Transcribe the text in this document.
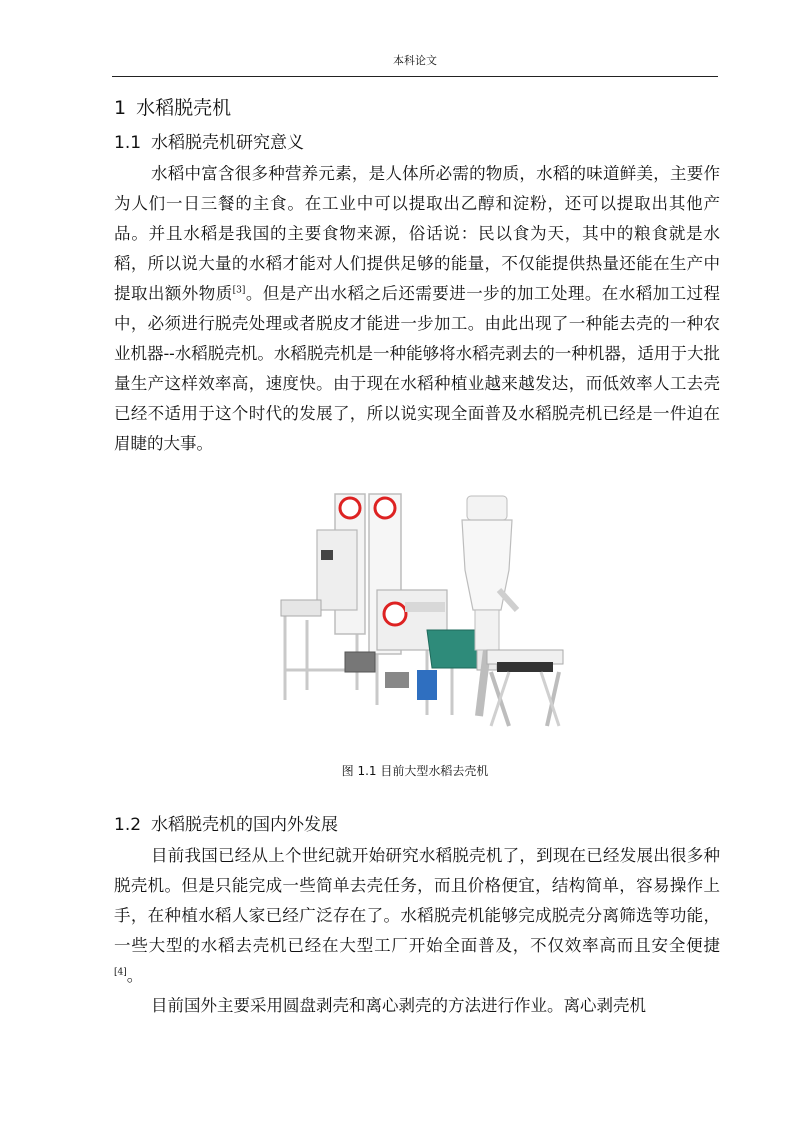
本科论文
1 水稻脱壳机
1.1 水稻脱壳机研究意义

水稻中富含很多种营养元素，是人体所必需的物质，水稻的味道鲜美，主要作为人们一日三餐的主食。在工业中可以提取出乙醇和淀粉，还可以提取出其他产品。并且水稻是我国的主要食物来源，俗话说：民以食为天，其中的粮食就是水稻，所以说大量的水稻才能对人们提供足够的能量，不仅能提供热量还能在生产中提取出额外物质[3]。但是产出水稻之后还需要进一步的加工处理。在水稻加工过程中，必须进行脱壳处理或者脱皮才能进一步加工。由此出现了一种能去壳的一种农业机器--水稻脱壳机。水稻脱壳机是一种能够将水稻壳剥去的一种机器，适用于大批量生产这样效率高，速度快。由于现在水稻种植业越来越发达，而低效率人工去壳已经不适用于这个时代的发展了，所以说实现全面普及水稻脱壳机已经是一件迫在眉睫的大事。

图 1.1 目前大型水稻去壳机
1.2 水稻脱壳机的国内外发展

目前我国已经从上个世纪就开始研究水稻脱壳机了，到现在已经发展出很多种脱壳机。但是只能完成一些简单去壳任务，而且价格便宜，结构简单，容易操作上手，在种植水稻人家已经广泛存在了。水稻脱壳机能够完成脱壳分离筛选等功能，一些大型的水稻去壳机已经在大型工厂开始全面普及，不仅效率高而且安全便捷[4]。

目前国外主要采用圆盘剥壳和离心剥壳的方法进行作业。离心剥壳机
